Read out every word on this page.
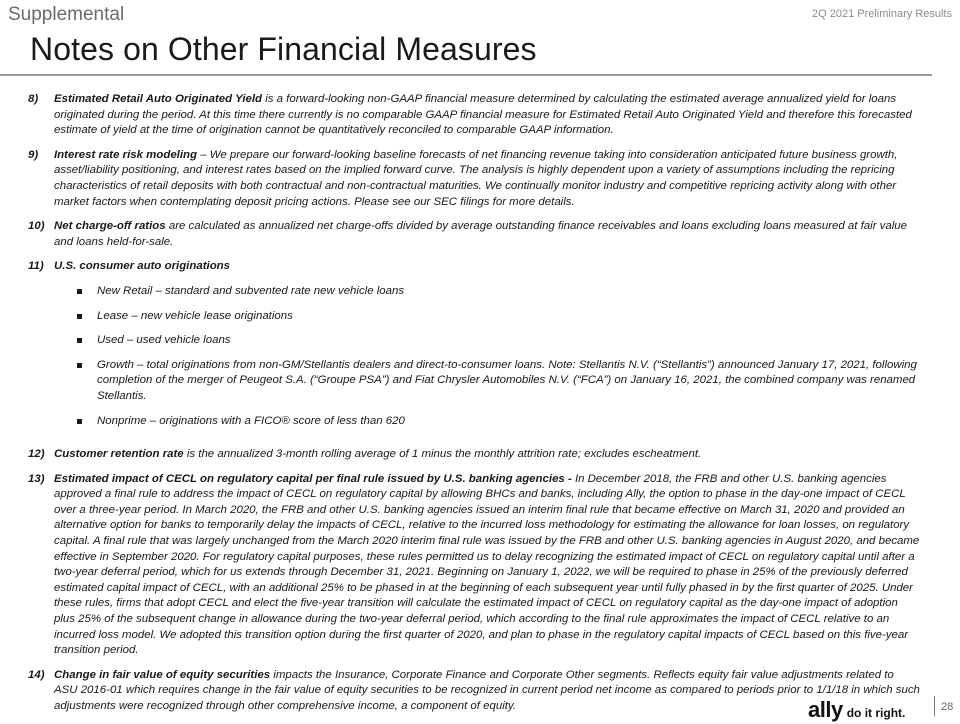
Supplemental	2Q 2021 Preliminary Results
Notes on Other Financial Measures
8)	Estimated Retail Auto Originated Yield is a forward-looking non-GAAP financial measure determined by calculating the estimated average annualized yield for loans originated during the period. At this time there currently is no comparable GAAP financial measure for Estimated Retail Auto Originated Yield and therefore this forecasted estimate of yield at the time of origination cannot be quantitatively reconciled to comparable GAAP information.
9)	Interest rate risk modeling – We prepare our forward-looking baseline forecasts of net financing revenue taking into consideration anticipated future business growth, asset/liability positioning, and interest rates based on the implied forward curve. The analysis is highly dependent upon a variety of assumptions including the repricing characteristics of retail deposits with both contractual and non-contractual maturities. We continually monitor industry and competitive repricing activity along with other market factors when contemplating deposit pricing actions. Please see our SEC filings for more details.
10) Net charge-off ratios are calculated as annualized net charge-offs divided by average outstanding finance receivables and loans excluding loans measured at fair value and loans held-for-sale.
11) U.S. consumer auto originations
New Retail – standard and subvented rate new vehicle loans
Lease – new vehicle lease originations
Used – used vehicle loans
Growth – total originations from non-GM/Stellantis dealers and direct-to-consumer loans. Note: Stellantis N.V. (“Stellantis”) announced January 17, 2021, following completion of the merger of Peugeot S.A. (“Groupe PSA”) and Fiat Chrysler Automobiles N.V. (“FCA”) on January 16, 2021, the combined company was renamed Stellantis.
Nonprime – originations with a FICO® score of less than 620
12) Customer retention rate is the annualized 3-month rolling average of 1 minus the monthly attrition rate; excludes escheatment.
13) Estimated impact of CECL on regulatory capital per final rule issued by U.S. banking agencies - In December 2018, the FRB and other U.S. banking agencies approved a final rule to address the impact of CECL on regulatory capital by allowing BHCs and banks, including Ally, the option to phase in the day-one impact of CECL over a three-year period. In March 2020, the FRB and other U.S. banking agencies issued an interim final rule that became effective on March 31, 2020 and provided an alternative option for banks to temporarily delay the impacts of CECL, relative to the incurred loss methodology for estimating the allowance for loan losses, on regulatory capital. A final rule that was largely unchanged from the March 2020 interim final rule was issued by the FRB and other U.S. banking agencies in August 2020, and became effective in September 2020. For regulatory capital purposes, these rules permitted us to delay recognizing the estimated impact of CECL on regulatory capital until after a two-year deferral period, which for us extends through December 31, 2021. Beginning on January 1, 2022, we will be required to phase in 25% of the previously deferred estimated capital impact of CECL, with an additional 25% to be phased in at the beginning of each subsequent year until fully phased in by the first quarter of 2025. Under these rules, firms that adopt CECL and elect the five-year transition will calculate the estimated impact of CECL on regulatory capital as the day-one impact of adoption plus 25% of the subsequent change in allowance during the two-year deferral period, which according to the final rule approximates the impact of CECL relative to an incurred loss model. We adopted this transition option during the first quarter of 2020, and plan to phase in the regulatory capital impacts of CECL based on this five-year transition period.
14) Change in fair value of equity securities impacts the Insurance, Corporate Finance and Corporate Other segments. Reflects equity fair value adjustments related to ASU 2016-01 which requires change in the fair value of equity securities to be recognized in current period net income as compared to periods prior to 1/1/18 in which such adjustments were recognized through other comprehensive income, a component of equity.	ally do it right.	28
